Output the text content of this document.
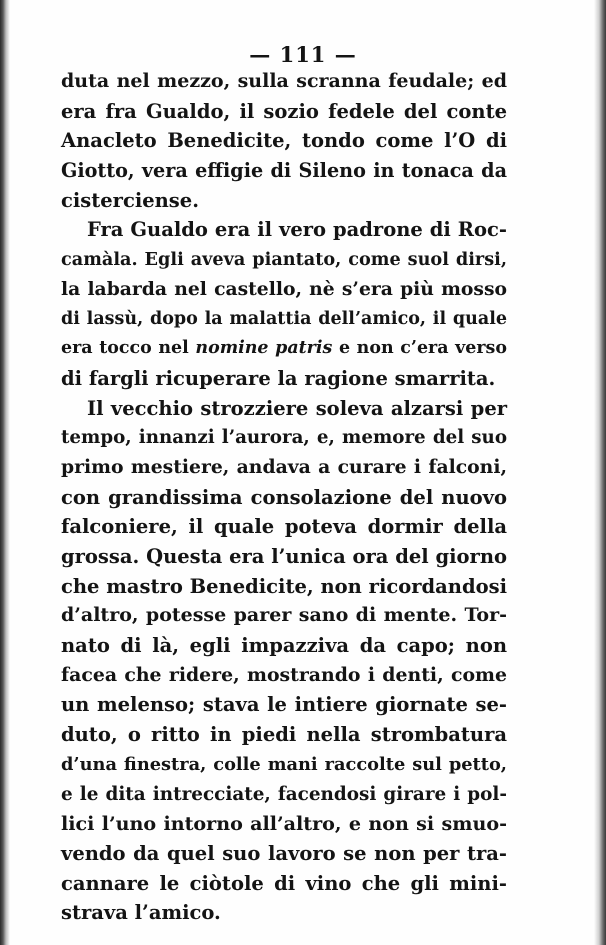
— 111 —
duta nel mezzo, sulla scranna feudale; ed
era fra Gualdo, il sozio fedele del conte
Anacleto Benedicite, tondo come l’O di
Giotto, vera effigie di Sileno in tonaca da
cisterciense.
Fra Gualdo era il vero padrone di Roc-
camàla. Egli aveva piantato, come suol dirsi,
la labarda nel castello, nè s’era più mosso
di lassù, dopo la malattia dell’amico, il quale
era tocco nel nomine patris e non c’era verso
di fargli ricuperare la ragione smarrita.
Il vecchio strozziere soleva alzarsi per
tempo, innanzi l’aurora, e, memore del suo
primo mestiere, andava a curare i falconi,
con grandissima consolazione del nuovo
falconiere, il quale poteva dormir della
grossa. Questa era l’unica ora del giorno
che mastro Benedicite, non ricordandosi
d’altro, potesse parer sano di mente. Tor-
nato di là, egli impazziva da capo; non
facea che ridere, mostrando i denti, come
un melenso; stava le intiere giornate se-
duto, o ritto in piedi nella strombatura
d’una finestra, colle mani raccolte sul petto,
e le dita intrecciate, facendosi girare i pol-
lici l’uno intorno all’altro, e non si smuo-
vendo da quel suo lavoro se non per tra-
cannare le ciòtole di vino che gli mini-
strava l’amico.
